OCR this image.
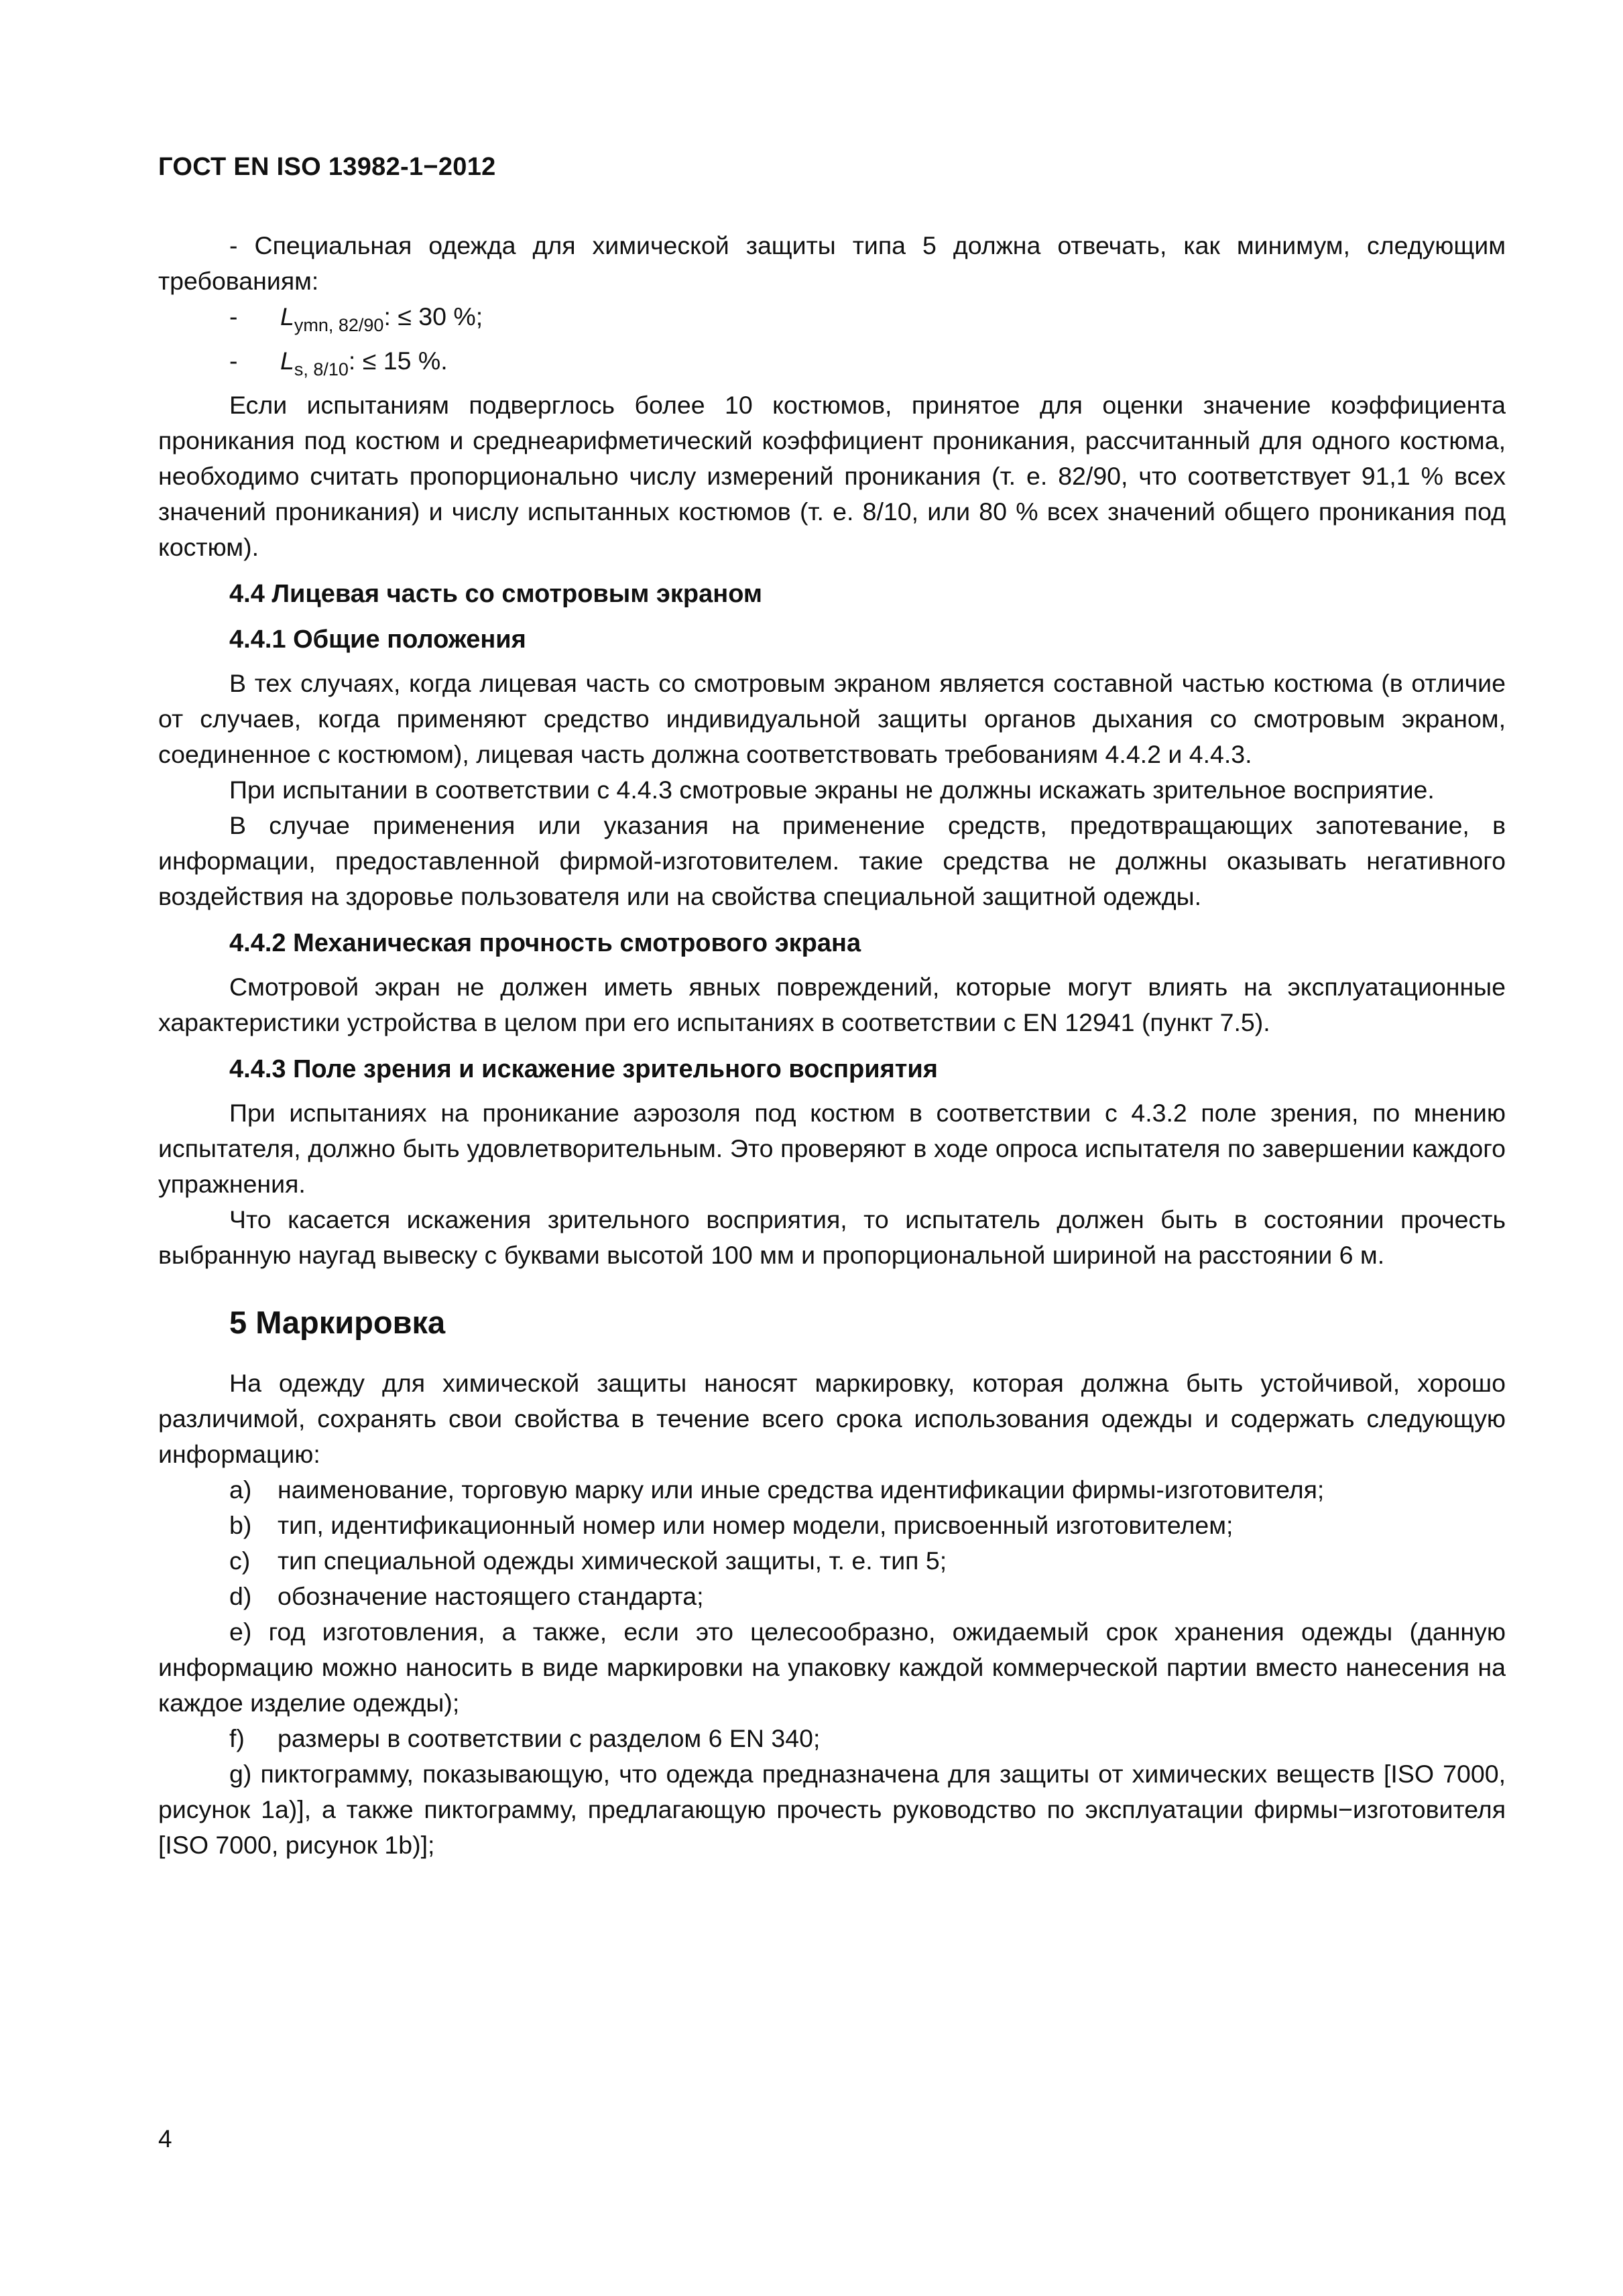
ГОСТ EN ISO 13982-1−2012

- Специальная одежда для химической защиты типа 5 должна отвечать, как минимум, следующим требованиям:

- $L_{ymn, 82/90}$: ≤ 30 %;
- $L_{s, 8/10}$: ≤ 15 %.

Если испытаниям подверглось более 10 костюмов, принятое для оценки значение коэффициента проникания под костюм и среднеарифметический коэффициент проникания, рассчитанный для одного костюма, необходимо считать пропорционально числу измерений проникания (т. е. 82/90, что соответствует 91,1 % всех значений проникания) и числу испытанных костюмов (т. е. 8/10, или 80 % всех значений общего проникания под костюм).

4.4 Лицевая часть со смотровым экраном
4.4.1 Общие положения

В тех случаях, когда лицевая часть со смотровым экраном является составной частью костюма (в отличие от случаев, когда применяют средство индивидуальной защиты органов дыхания со смотровым экраном, соединенное с костюмом), лицевая часть должна соответствовать требованиям 4.4.2 и 4.4.3.

При испытании в соответствии с 4.4.3 смотровые экраны не должны искажать зрительное восприятие.

В случае применения или указания на применение средств, предотвращающих запотевание, в информации, предоставленной фирмой-изготовителем. такие средства не должны оказывать негативного воздействия на здоровье пользователя или на свойства специальной защитной одежды.

4.4.2 Механическая прочность смотрового экрана

Смотровой экран не должен иметь явных повреждений, которые могут влиять на эксплуатационные характеристики устройства в целом при его испытаниях в соответствии с EN 12941 (пункт 7.5).

4.4.3 Поле зрения и искажение зрительного восприятия

При испытаниях на проникание аэрозоля под костюм в соответствии с 4.3.2 поле зрения, по мнению испытателя, должно быть удовлетворительным. Это проверяют в ходе опроса испытателя по завершении каждого упражнения.

Что касается искажения зрительного восприятия, то испытатель должен быть в состоянии прочесть выбранную наугад вывеску с буквами высотой 100 мм и пропорциональной шириной на расстоянии 6 м.

5 Маркировка

На одежду для химической защиты наносят маркировку, которая должна быть устойчивой, хорошо различимой, сохранять свои свойства в течение всего срока использования одежды и содержать следующую информацию:

a) наименование, торговую марку или иные средства идентификации фирмы-изготовителя;
b) тип, идентификационный номер или номер модели, присвоенный изготовителем;
c) тип специальной одежды химической защиты, т. е. тип 5;
d) обозначение настоящего стандарта;

е) год изготовления, а также, если это целесообразно, ожидаемый срок хранения одежды (данную информацию можно наносить в виде маркировки на упаковку каждой коммерческой партии вместо нанесения на каждое изделие одежды);

f) размеры в соответствии с разделом 6 EN 340;

g) пиктограмму, показывающую, что одежда предназначена для защиты от химических веществ [ISO 7000, рисунок 1а)], а также пиктограмму, предлагающую прочесть руководство по эксплуатации фирмы−изготовителя [ISO 7000, рисунок 1b)];

4
